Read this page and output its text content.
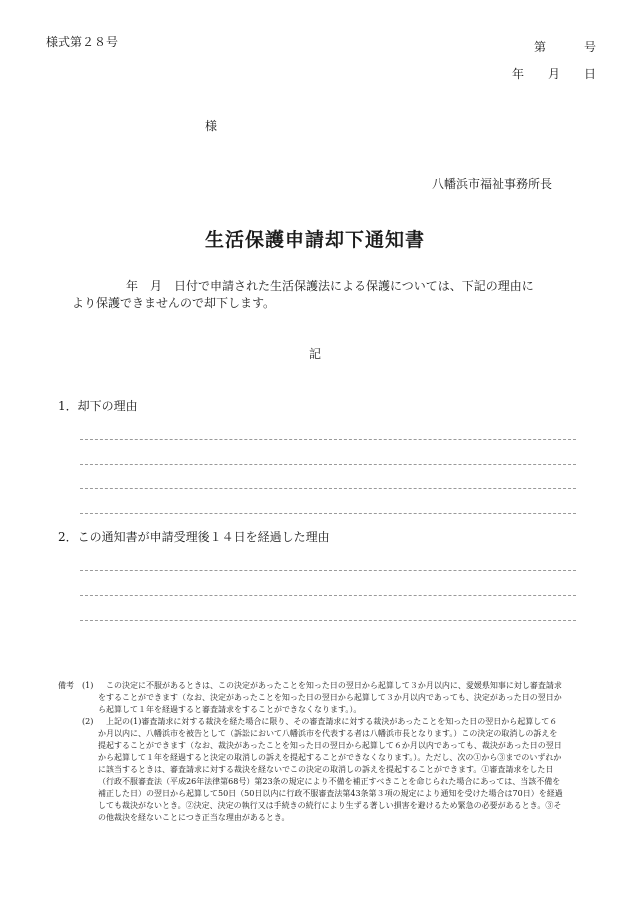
様式第２８号	第	号
年 月 日
様
八幡浜市福祉事務所長
生活保護申請却下通知書
年　月　日付で申請された生活保護法による保護については、下記の理由に
より保護できませんので却下します。
記
1．却下の理由
2．この通知書が申請受理後１４日を経過した理由
備考	(1) 　この決定に不服があるときは、この決定があったことを知った日の翌日から起算して３か月以内に、愛媛県知事に対し審査請求をすることができます（なお、決定があったことを知った日の翌日から起算して３か月以内であっても、決定があった日の翌日から起算して１年を経過すると審査請求をすることができなくなります。）。
(2) 　上記の(1)審査請求に対する裁決を経た場合に限り、その審査請求に対する裁決があったことを知った日の翌日から起算して６か月以内に、八幡浜市を被告として（訴訟において八幡浜市を代表する者は八幡浜市長となります。）この決定の取消しの訴えを提起することができます（なお、裁決があったことを知った日の翌日から起算して６か月以内であっても、裁決があった日の翌日から起算して１年を経過すると決定の取消しの訴えを提起することができなくなります。）。ただし、次の①から③までのいずれかに該当するときは、審査請求に対する裁決を経ないでこの決定の取消しの訴えを提起することができます。①審査請求をした日（行政不服審査法（平成26年法律第68号）第23条の規定により不備を補正すべきことを命じられた場合にあっては、当該不備を補正した日）の翌日から起算して50日（50日以内に行政不服審査法第43条第３項の規定により通知を受けた場合は70日）を経過しても裁決がないとき。②決定、決定の執行又は手続きの続行により生ずる著しい損害を避けるため緊急の必要があるとき。③その他裁決を経ないことにつき正当な理由があるとき。
